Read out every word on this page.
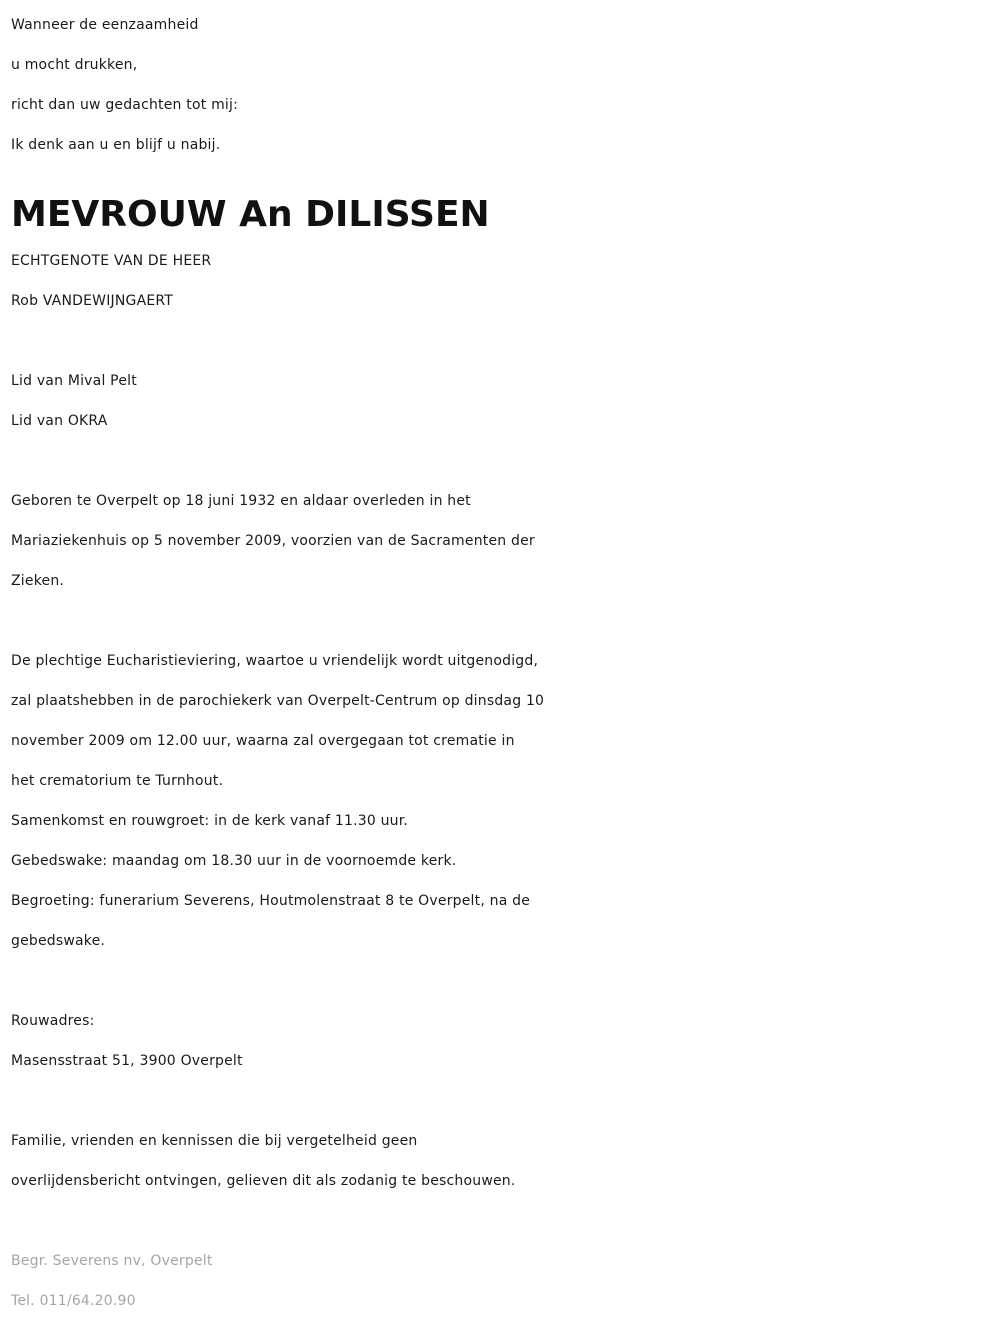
Wanneer de eenzaamheid
u mocht drukken,
richt dan uw gedachten tot mij:
Ik denk aan u en blijf u nabij.
MEVROUW An DILISSEN
ECHTGENOTE VAN DE HEER
Rob VANDEWIJNGAERT
Lid van Mival Pelt
Lid van OKRA
Geboren te Overpelt op 18 juni 1932 en aldaar overleden in het
Mariaziekenhuis op 5 november 2009, voorzien van de Sacramenten der
Zieken.
De plechtige Eucharistieviering, waartoe u vriendelijk wordt uitgenodigd,
zal plaatshebben in de parochiekerk van Overpelt-Centrum op dinsdag 10
november 2009 om 12.00 uur, waarna zal overgegaan tot crematie in
het crematorium te Turnhout.
Samenkomst en rouwgroet: in de kerk vanaf 11.30 uur.
Gebedswake: maandag om 18.30 uur in de voornoemde kerk.
Begroeting: funerarium Severens, Houtmolenstraat 8 te Overpelt, na de
gebedswake.
Rouwadres:
Masensstraat 51, 3900 Overpelt
Familie, vrienden en kennissen die bij vergetelheid geen
overlijdensbericht ontvingen, gelieven dit als zodanig te beschouwen.
Begr. Severens nv, Overpelt
Tel. 011/64.20.90
